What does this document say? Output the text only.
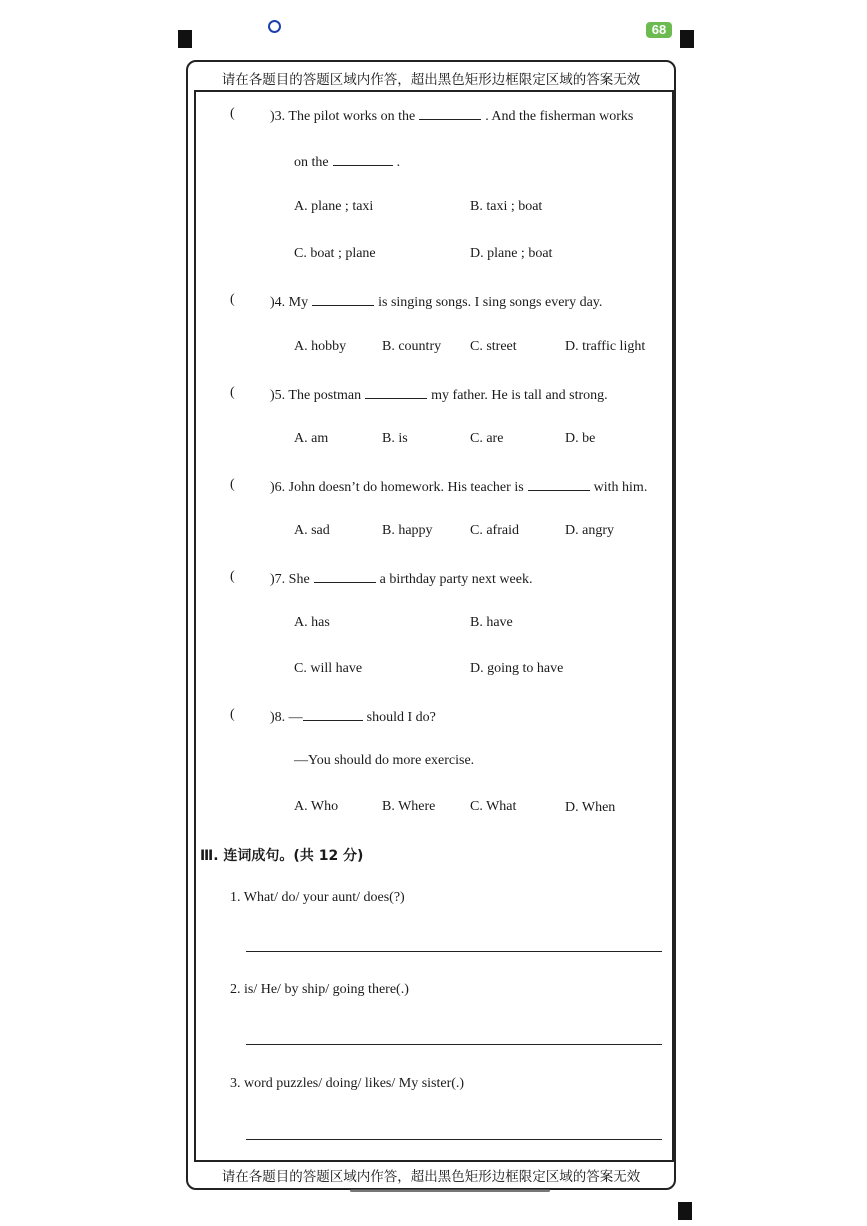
68
请在各题目的答题区域内作答，超出黑色矩形边框限定区域的答案无效
请在各题目的答题区域内作答，超出黑色矩形边框限定区域的答案无效
(	)3. The pilot works on the	. And the fisherman works
on the	.
A. plane ; taxi	B. taxi ; boat
C. boat ; plane	D. plane ; boat
(	)4. My	is singing songs. I sing songs every day.
A. hobby	B. country C. street	D. traffic light
(	)5. The postman	my father. He is tall and strong.
A. am	B. is	C. are	D. be
(	)6. John doesn’t do homework. His teacher is	with him.
A. sad	B. happy	C. afraid	D. angry
(	)7. She	a birthday party next week.
A. has	B. have
C. will have	D. going to have
(	)8. —	should I do?
—You should do more exercise.
A. Who	B. Where C. What	D. When
Ⅲ. 连词成句。(共 12 分)
1. What/ do/ your aunt/ does(?)
2. is/ He/ by ship/ going there(.)
3. word puzzles/ doing/ likes/ My sister(.)
